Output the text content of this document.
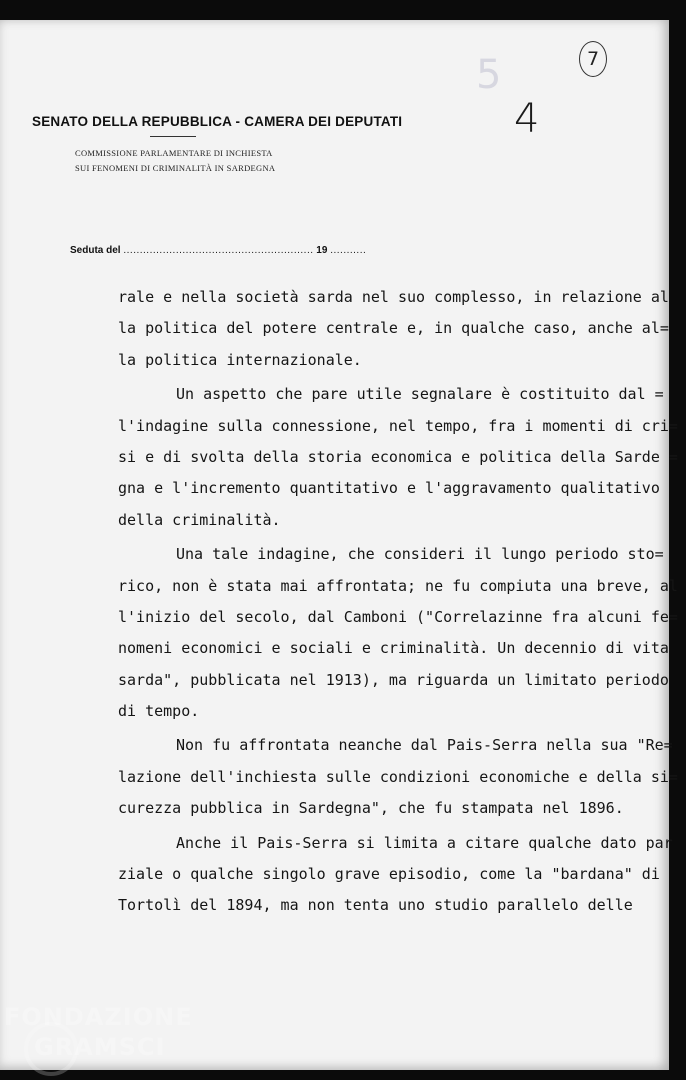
5	7
4
SENATO DELLA REPUBBLICA - CAMERA DEI DEPUTATI
COMMISSIONE PARLAMENTARE DI INCHIESTA
SUI FENOMENI DI CRIMINALITÀ IN SARDEGNA
Seduta del .......................................................... 19 ...........
rale e nella società sarda nel suo complesso, in relazione al
la politica del potere centrale e, in qualche caso, anche al=
la politica internazionale.
Un aspetto che pare utile segnalare è costituito dal =
l'indagine sulla connessione, nel tempo, fra i momenti di cri=
si e di svolta della storia economica e politica della Sarde =
gna e l'incremento quantitativo e l'aggravamento qualitativo
della criminalità.
Una tale indagine, che consideri il lungo periodo sto=
rico, non è stata mai affrontata; ne fu compiuta una breve, al
l'inizio del secolo, dal Camboni ("Correlazinne fra alcuni fe=
nomeni economici e sociali e criminalità. Un decennio di vita
sarda", pubblicata nel 1913), ma riguarda un limitato periodo
di tempo.
Non fu affrontata neanche dal Pais-Serra nella sua "Re=
lazione dell'inchiesta sulle condizioni economiche e della si=
curezza pubblica in Sardegna", che fu stampata nel 1896.
Anche il Pais-Serra si limita a citare qualche dato par
ziale o qualche singolo grave episodio, come la "bardana" di
Tortolì del 1894, ma non tenta uno studio parallelo delle
FONDAZIONE
GRAMSCI
